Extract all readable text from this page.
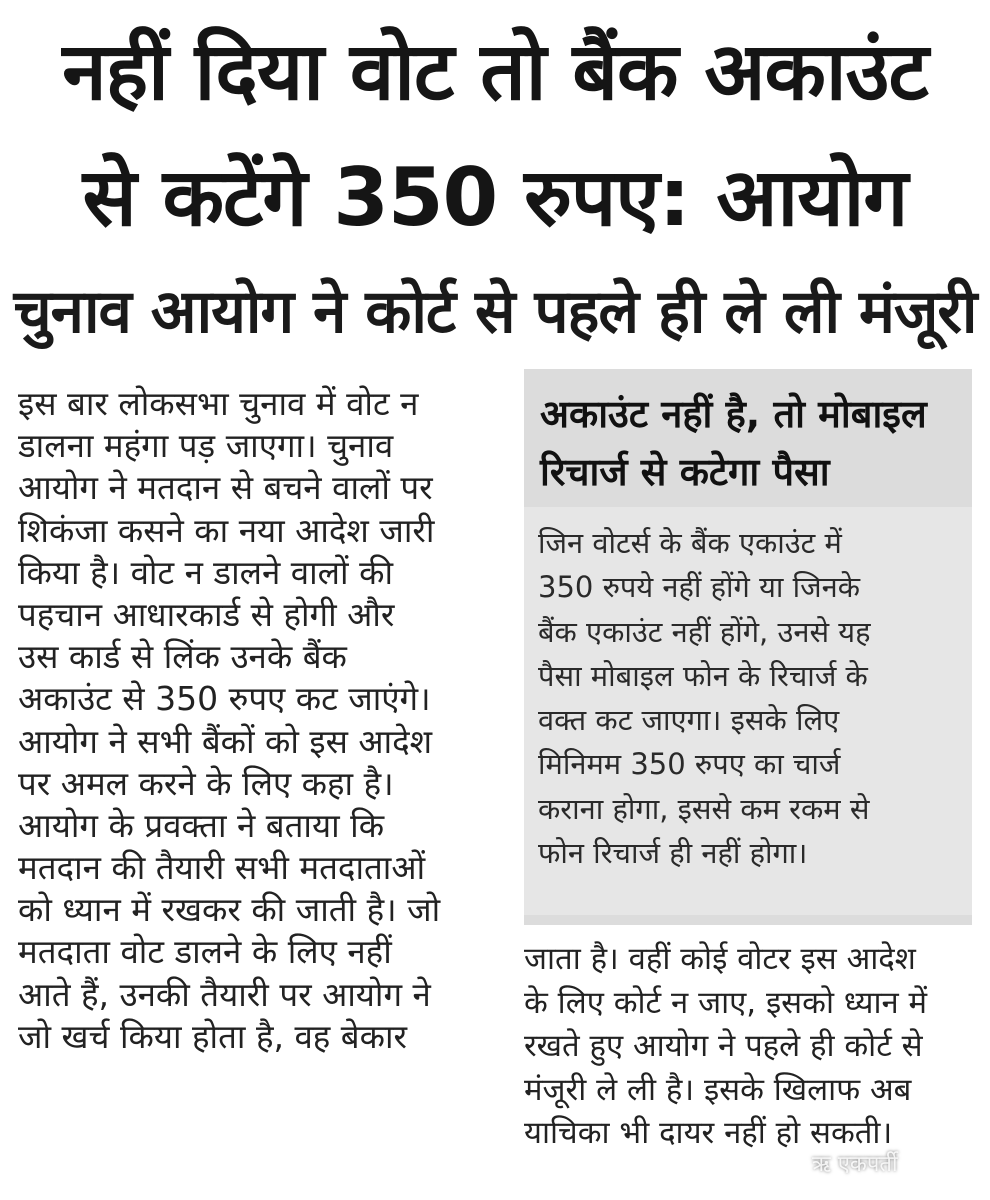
नहीं दिया वोट तो बैंक अकाउंट
से कटेंगे 350 रुपए: आयोग
चुनाव आयोग ने कोर्ट से पहले ही ले ली मंजूरी
इस बार लोकसभा चुनाव में वोट न
डालना महंगा पड़ जाएगा। चुनाव
आयोग ने मतदान से बचने वालों पर
शिकंजा कसने का नया आदेश जारी
किया है। वोट न डालने वालों की
पहचान आधारकार्ड से होगी और
उस कार्ड से लिंक उनके बैंक
अकाउंट से 350 रुपए कट जाएंगे।
आयोग ने सभी बैंकों को इस आदेश
पर अमल करने के लिए कहा है।
आयोग के प्रवक्ता ने बताया कि
मतदान की तैयारी सभी मतदाताओं
को ध्यान में रखकर की जाती है। जो
मतदाता वोट डालने के लिए नहीं
आते हैं, उनकी तैयारी पर आयोग ने
जो खर्च किया होता है, वह बेकार
अकाउंट नहीं है, तो मोबाइल
रिचार्ज से कटेगा पैसा
जिन वोटर्स के बैंक एकाउंट में
350 रुपये नहीं होंगे या जिनके
बैंक एकाउंट नहीं होंगे, उनसे यह
पैसा मोबाइल फोन के रिचार्ज के
वक्त कट जाएगा। इसके लिए
मिनिमम 350 रुपए का चार्ज
कराना होगा, इससे कम रकम से
फोन रिचार्ज ही नहीं होगा।
जाता है। वहीं कोई वोटर इस आदेश
के लिए कोर्ट न जाए, इसको ध्यान में
रखते हुए आयोग ने पहले ही कोर्ट से
मंजूरी ले ली है। इसके खिलाफ अब
याचिका भी दायर नहीं हो सकती।
ऋ एकपर्ती
